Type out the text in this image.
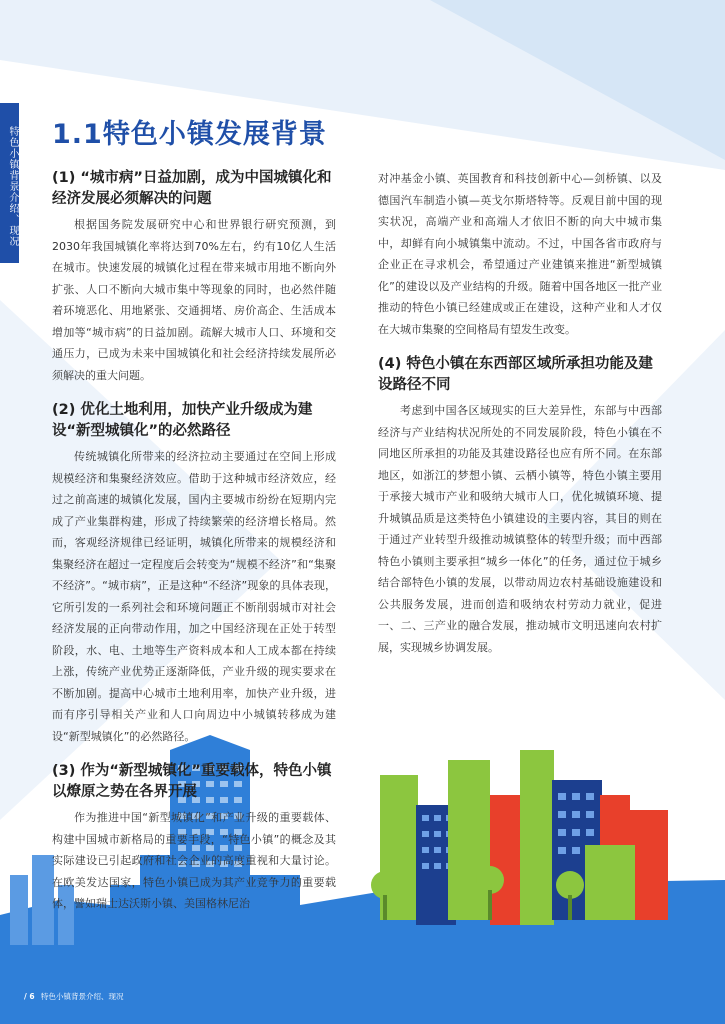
特色小镇背景介绍、现况 1.1特色小镇发展背景
(1) “城市病”日益加剧，成为中国城镇化和经济发展必须解决的问题

根据国务院发展研究中心和世界银行研究预测，到2030年我国城镇化率将达到70%左右，约有10亿人生活在城市。快速发展的城镇化过程在带来城市用地不断向外扩张、人口不断向大城市集中等现象的同时，也必然伴随着环境恶化、用地紧张、交通拥堵、房价高企、生活成本增加等“城市病”的日益加剧。疏解大城市人口、环境和交通压力，已成为未来中国城镇化和社会经济持续发展所必须解决的重大问题。

(2) 优化土地利用，加快产业升级成为建设“新型城镇化”的必然路径

传统城镇化所带来的经济拉动主要通过在空间上形成规模经济和集聚经济效应。借助于这种城市经济效应，经过之前高速的城镇化发展，国内主要城市纷纷在短期内完成了产业集群构建，形成了持续繁荣的经济增长格局。然而，客观经济规律已经证明，城镇化所带来的规模经济和集聚经济在超过一定程度后会转变为“规模不经济”和“集聚不经济”。“城市病”，正是这种“不经济”现象的具体表现，它所引发的一系列社会和环境问题正不断削弱城市对社会经济发展的正向带动作用，加之中国经济现在正处于转型阶段，水、电、土地等生产资料成本和人工成本都在持续上涨，传统产业优势正逐渐降低，产业升级的现实要求在不断加剧。提高中心城市土地利用率，加快产业升级，进而有序引导相关产业和人口向周边中小城镇转移成为建设“新型城镇化”的必然路径。

(3) 作为“新型城镇化”重要载体，特色小镇以燎原之势在各界开展

作为推进中国“新型城镇化”和产业升级的重要载体、构建中国城市新格局的重要手段，“特色小镇”的概念及其实际建设已引起政府和社会企业的高度重视和大量讨论。在欧美发达国家，特色小镇已成为其产业竞争力的重要载体，譬如瑞士达沃斯小镇、美国格林尼治

对冲基金小镇、英国教育和科技创新中心—剑桥镇、以及德国汽车制造小镇—英戈尔斯塔特等。反观目前中国的现实状况，高端产业和高端人才依旧不断的向大中城市集中，却鲜有向小城镇集中流动。不过，中国各省市政府与企业正在寻求机会，希望通过产业建镇来推进“新型城镇化”的建设以及产业结构的升级。随着中国各地区一批产业推动的特色小镇已经建成或正在建设，这种产业和人才仅在大城市集聚的空间格局有望发生改变。

(4) 特色小镇在东西部区域所承担功能及建设路径不同

考虑到中国各区域现实的巨大差异性，东部与中西部经济与产业结构状况所处的不同发展阶段，特色小镇在不同地区所承担的功能及其建设路径也应有所不同。在东部地区，如浙江的梦想小镇、云栖小镇等，特色小镇主要用于承接大城市产业和吸纳大城市人口，优化城镇环境、提升城镇品质是这类特色小镇建设的主要内容，其目的则在于通过产业转型升级推动城镇整体的转型升级；而中西部特色小镇则主要承担“城乡一体化”的任务，通过位于城乡结合部特色小镇的发展，以带动周边农村基础设施建设和公共服务发展，进而创造和吸纳农村劳动力就业，促进一、二、三产业的融合发展，推动城市文明迅速向农村扩展，实现城乡协调发展。

/ 6 特色小镇背景介绍、现况
